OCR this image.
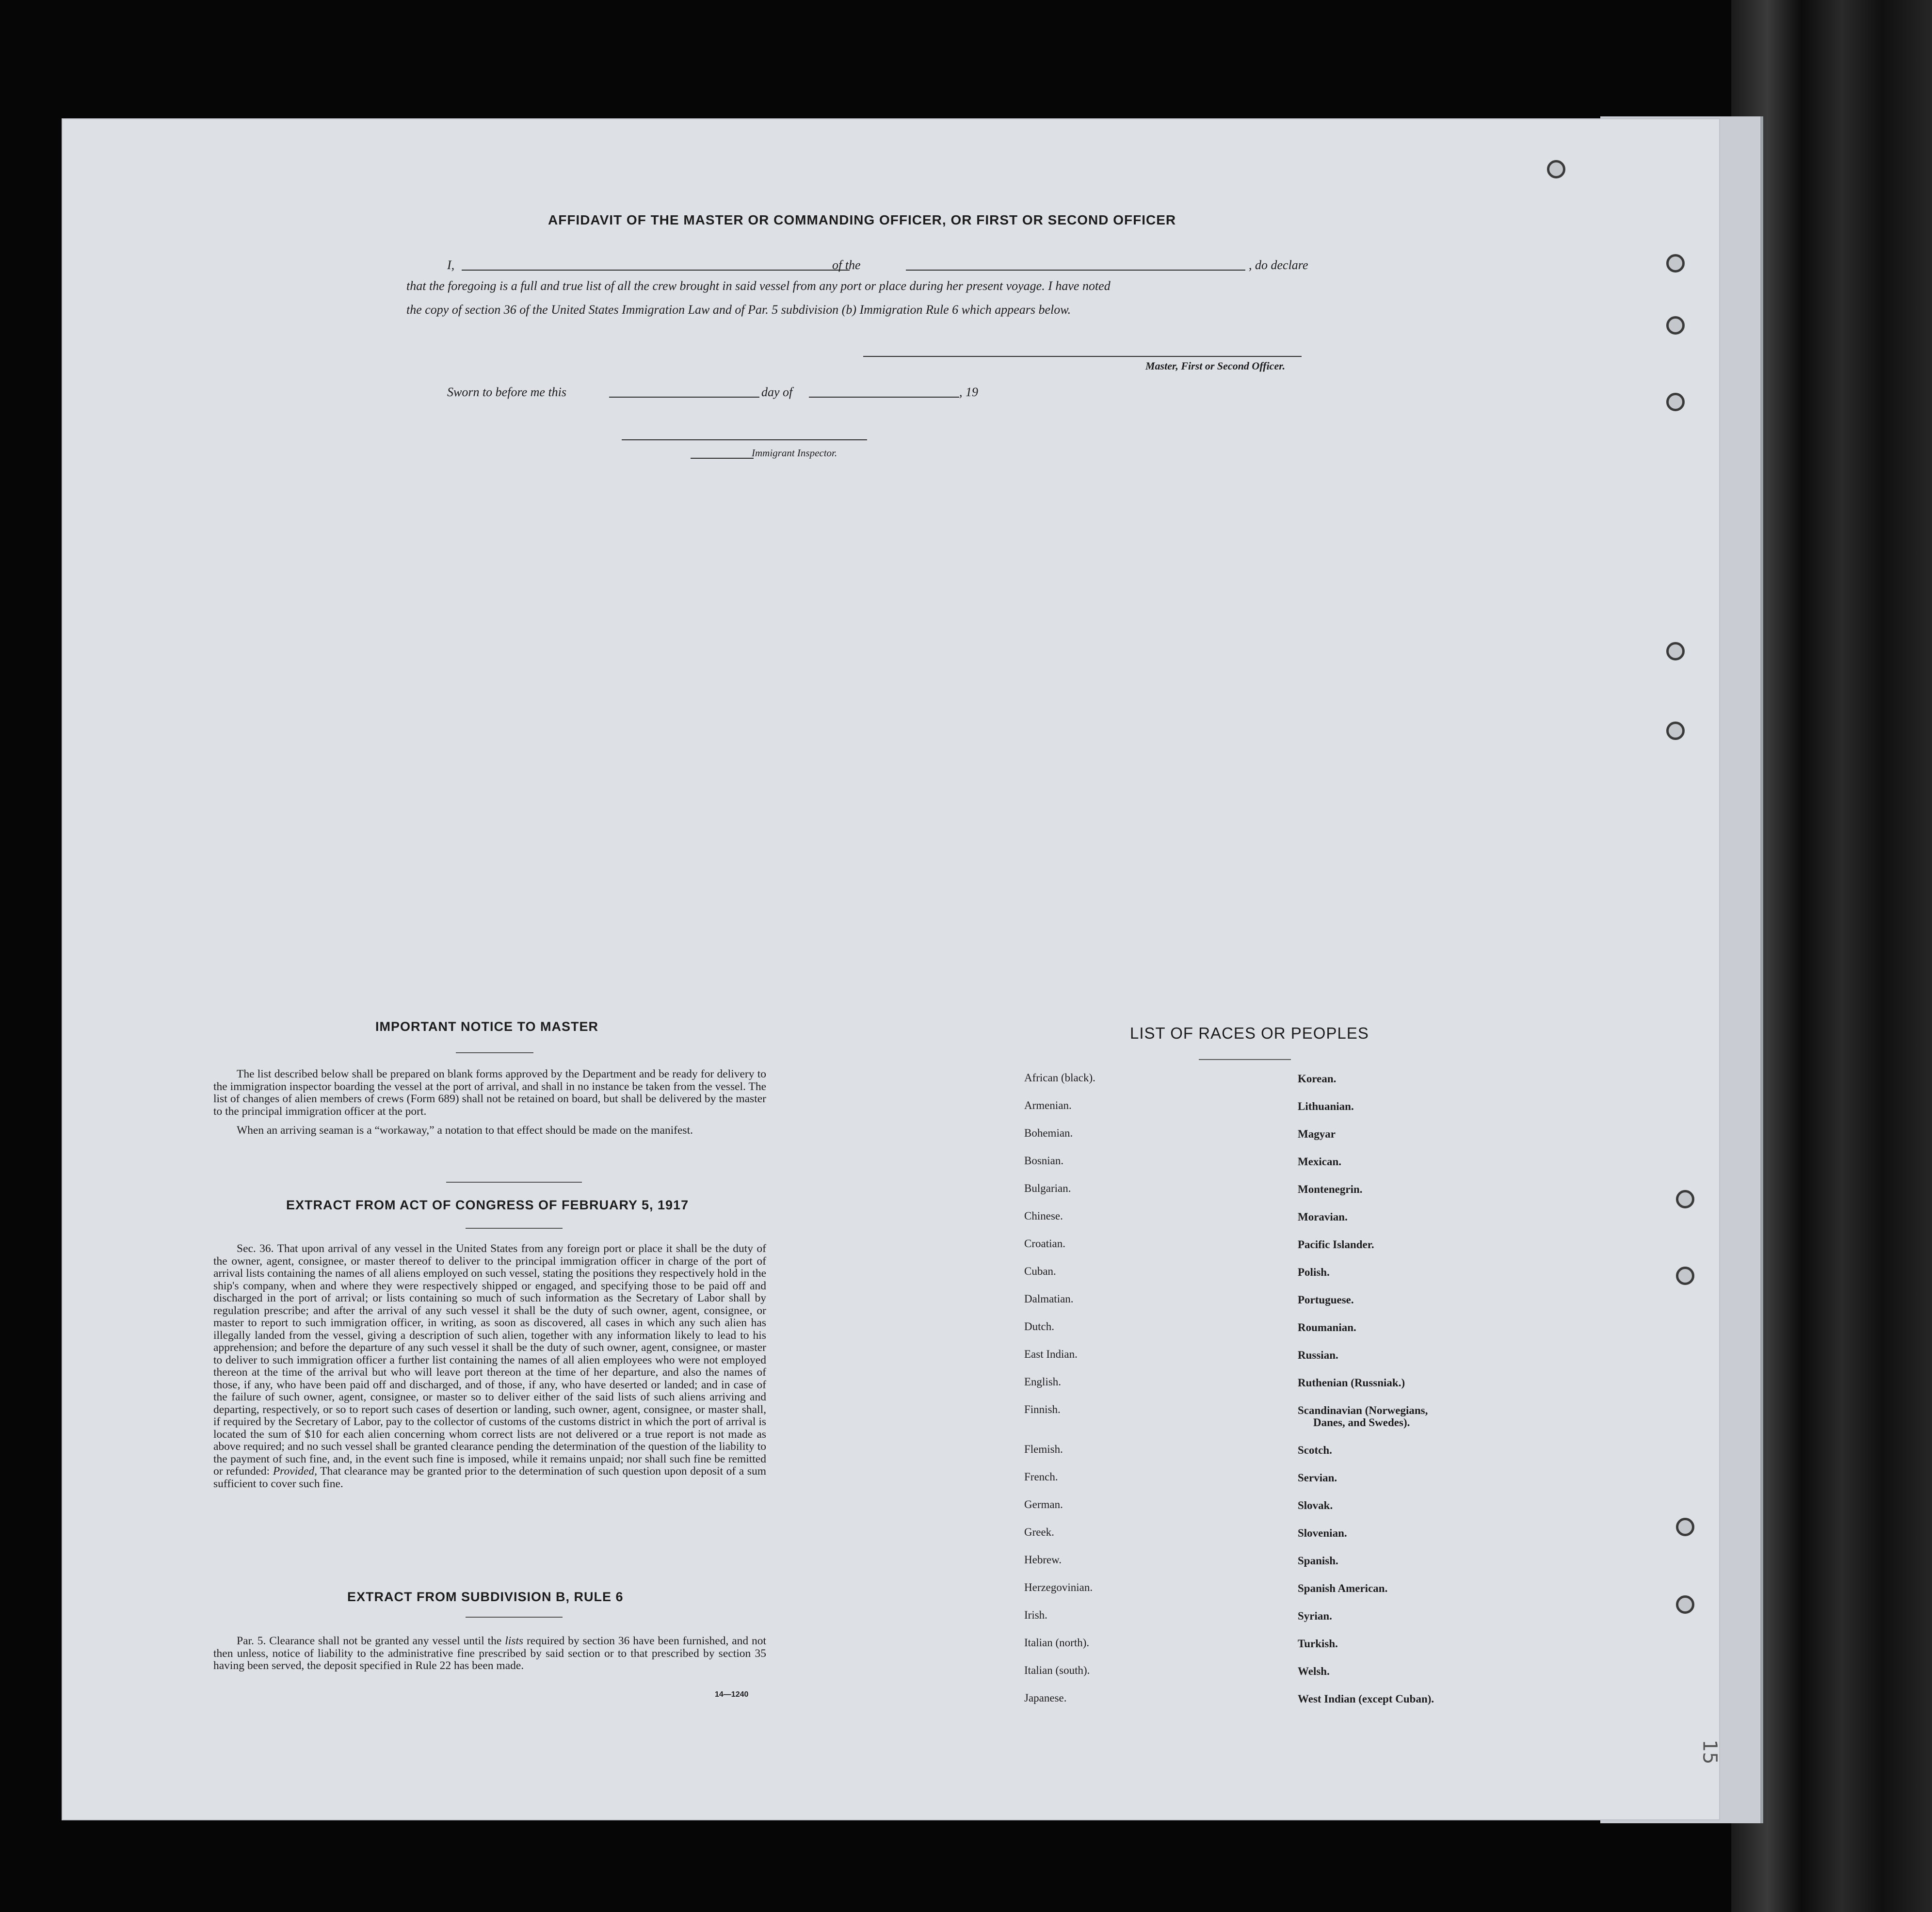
15
AFFIDAVIT OF THE MASTER OR COMMANDING OFFICER, OR FIRST OR SECOND OFFICER
I,	of the	, do declare
that the foregoing is a full and true list of all the crew brought in said vessel from any port or place during her present voyage. I have noted
the copy of section 36 of the United States Immigration Law and of Par. 5 subdivision (b) Immigration Rule 6 which appears below.
Master, First or Second Officer.
Sworn to before me this	day of	, 19
Immigrant Inspector.
IMPORTANT NOTICE TO MASTER

The list described below shall be prepared on blank forms approved by the Department and be ready for delivery to the immigration inspector boarding the vessel at the port of arrival, and shall in no instance be taken from the vessel. The list of changes of alien members of crews (Form 689) shall not be retained on board, but shall be delivered by the master to the principal immigration officer at the port.

When an arriving seaman is a “workaway,” a notation to that effect should be made on the manifest.

EXTRACT FROM ACT OF CONGRESS OF FEBRUARY 5, 1917

Sec. 36. That upon arrival of any vessel in the United States from any foreign port or place it shall be the duty of the owner, agent, consignee, or master thereof to deliver to the principal immigration officer in charge of the port of arrival lists containing the names of all aliens employed on such vessel, stating the positions they respectively hold in the ship's company, when and where they were respectively shipped or engaged, and specifying those to be paid off and discharged in the port of arrival; or lists containing so much of such information as the Secretary of Labor shall by regulation prescribe; and after the arrival of any such vessel it shall be the duty of such owner, agent, consignee, or master to report to such immigration officer, in writing, as soon as discovered, all cases in which any such alien has illegally landed from the vessel, giving a description of such alien, together with any information likely to lead to his apprehension; and before the departure of any such vessel it shall be the duty of such owner, agent, consignee, or master to deliver to such immigration officer a further list containing the names of all alien employees who were not employed thereon at the time of the arrival but who will leave port thereon at the time of her departure, and also the names of those, if any, who have been paid off and discharged, and of those, if any, who have deserted or landed; and in case of the failure of such owner, agent, consignee, or master so to deliver either of the said lists of such aliens arriving and departing, respectively, or so to report such cases of desertion or landing, such owner, agent, consignee, or master shall, if required by the Secretary of Labor, pay to the collector of customs of the customs district in which the port of arrival is located the sum of $10 for each alien concerning whom correct lists are not delivered or a true report is not made as above required; and no such vessel shall be granted clearance pending the determination of the question of the liability to the payment of such fine, and, in the event such fine is imposed, while it remains unpaid; nor shall such fine be remitted or refunded: Provided, That clearance may be granted prior to the determination of such question upon deposit of a sum sufficient to cover such fine.

EXTRACT FROM SUBDIVISION B, RULE 6

Par. 5. Clearance shall not be granted any vessel until the lists required by section 36 have been furnished, and not then unless, notice of liability to the administrative fine prescribed by said section or to that prescribed by section 35 having been served, the deposit specified in Rule 22 has been made.

14—1240
LIST OF RACES OR PEOPLES
African (black).
Armenian.
Bohemian.
Bosnian.
Bulgarian.
Chinese.
Croatian.
Cuban.
Dalmatian.
Dutch.
East Indian.
English.
Finnish.
Flemish.
French.
German.
Greek.
Hebrew.
Herzegovinian.
Irish.
Italian (north).
Italian (south).
Japanese.
Korean.
Lithuanian.
Magyar
Mexican.
Montenegrin.
Moravian.
Pacific Islander.
Polish.
Portuguese.
Roumanian.
Russian.
Ruthenian (Russniak.)
Scandinavian (Norwegians,
Danes, and Swedes).
Scotch.
Servian.
Slovak.
Slovenian.
Spanish.
Spanish American.
Syrian.
Turkish.
Welsh.
West Indian (except Cuban).
